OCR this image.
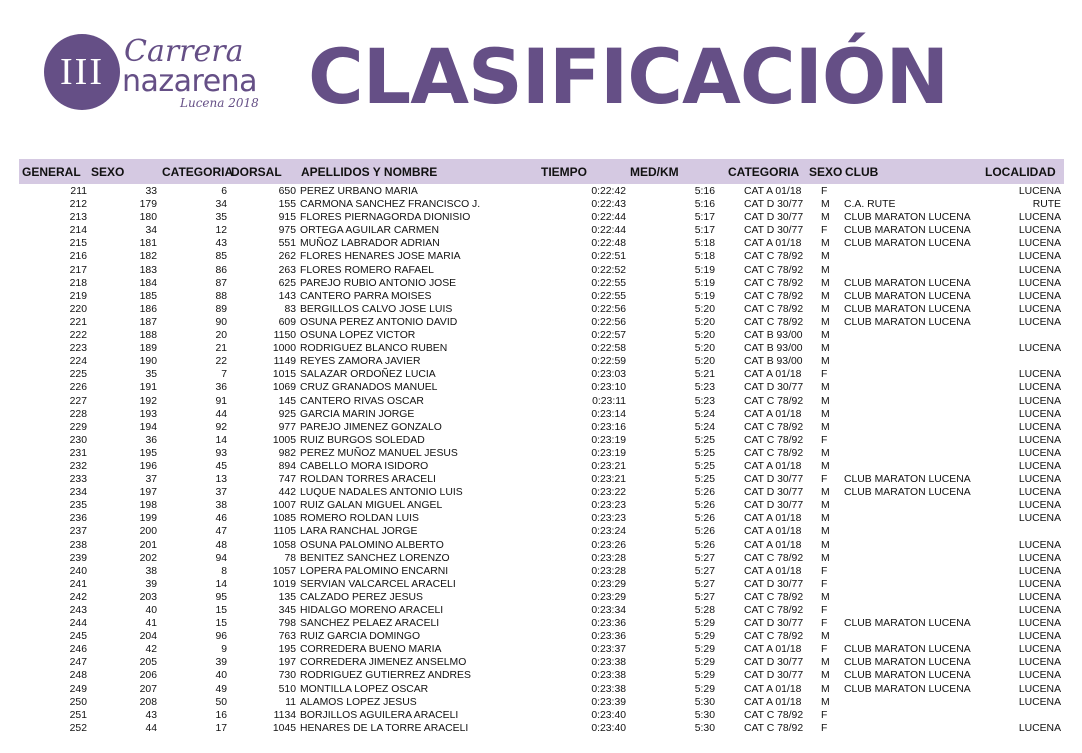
III Carrera
nazarena
Lucena 2018 CLASIFICACIÓN
GENERAL SEXO	CATEGORIA
DORSAL APELLIDOS Y NOMBRE	TIEMPO	MED/KM	CATEGORIA SEXO CLUB	LOCALIDAD
211	33	6	650 PEREZ URBANO MARIA	0:22:42	5:16	CAT A 01/18 F	LUCENA
212	179	34	155 CARMONA SANCHEZ FRANCISCO J.	0:22:43	5:16	CAT D 30/77 M C.A. RUTE	RUTE
213	180	35	915 FLORES PIERNAGORDA DIONISIO	0:22:44	5:17	CAT D 30/77 M CLUB MARATON LUCENA	LUCENA
214	34	12	975 ORTEGA AGUILAR CARMEN	0:22:44	5:17	CAT D 30/77 F CLUB MARATON LUCENA	LUCENA
215	181	43	551 MUÑOZ LABRADOR ADRIAN	0:22:48	5:18	CAT A 01/18 M CLUB MARATON LUCENA	LUCENA
216	182	85	262 FLORES HENARES JOSE MARIA	0:22:51	5:18	CAT C 78/92 M	LUCENA
217	183	86	263 FLORES ROMERO RAFAEL	0:22:52	5:19	CAT C 78/92 M	LUCENA
218	184	87	625 PAREJO RUBIO ANTONIO JOSE	0:22:55	5:19	CAT C 78/92 M CLUB MARATON LUCENA	LUCENA
219	185	88	143 CANTERO PARRA MOISES	0:22:55	5:19	CAT C 78/92 M CLUB MARATON LUCENA	LUCENA
220	186	89	83 BERGILLOS CALVO JOSE LUIS	0:22:56	5:20	CAT C 78/92 M CLUB MARATON LUCENA	LUCENA
221	187	90	609 OSUNA PEREZ ANTONIO DAVID	0:22:56	5:20	CAT C 78/92 M CLUB MARATON LUCENA	LUCENA
222	188	20	1150 OSUNA LOPEZ VICTOR	0:22:57	5:20	CAT B 93/00 M
223	189	21	1000 RODRIGUEZ BLANCO RUBEN	0:22:58	5:20	CAT B 93/00 M	LUCENA
224	190	22	1149 REYES ZAMORA JAVIER	0:22:59	5:20	CAT B 93/00 M
225	35	7	1015 SALAZAR ORDOÑEZ LUCIA	0:23:03	5:21	CAT A 01/18 F	LUCENA
226	191	36	1069 CRUZ GRANADOS MANUEL	0:23:10	5:23	CAT D 30/77 M	LUCENA
227	192	91	145 CANTERO RIVAS OSCAR	0:23:11	5:23	CAT C 78/92 M	LUCENA
228	193	44	925 GARCIA MARIN JORGE	0:23:14	5:24	CAT A 01/18 M	LUCENA
229	194	92	977 PAREJO JIMENEZ GONZALO	0:23:16	5:24	CAT C 78/92 M	LUCENA
230	36	14	1005 RUIZ BURGOS SOLEDAD	0:23:19	5:25	CAT C 78/92 F	LUCENA
231	195	93	982 PEREZ MUÑOZ MANUEL JESUS	0:23:19	5:25	CAT C 78/92 M	LUCENA
232	196	45	894 CABELLO MORA ISIDORO	0:23:21	5:25	CAT A 01/18 M	LUCENA
233	37	13	747 ROLDAN TORRES ARACELI	0:23:21	5:25	CAT D 30/77 F CLUB MARATON LUCENA	LUCENA
234	197	37	442 LUQUE NADALES ANTONIO LUIS	0:23:22	5:26	CAT D 30/77 M CLUB MARATON LUCENA	LUCENA
235	198	38	1007 RUIZ GALAN MIGUEL ANGEL	0:23:23	5:26	CAT D 30/77 M	LUCENA
236	199	46	1085 ROMERO ROLDAN LUIS	0:23:23	5:26	CAT A 01/18 M	LUCENA
237	200	47	1105 LARA RANCHAL JORGE	0:23:24	5:26	CAT A 01/18 M
238	201	48	1058 OSUNA PALOMINO ALBERTO	0:23:26	5:26	CAT A 01/18 M	LUCENA
239	202	94	78 BENITEZ SANCHEZ LORENZO	0:23:28	5:27	CAT C 78/92 M	LUCENA
240	38	8	1057 LOPERA PALOMINO ENCARNI	0:23:28	5:27	CAT A 01/18 F	LUCENA
241	39	14	1019 SERVIAN VALCARCEL ARACELI	0:23:29	5:27	CAT D 30/77 F	LUCENA
242	203	95	135 CALZADO PEREZ JESUS	0:23:29	5:27	CAT C 78/92 M	LUCENA
243	40	15	345 HIDALGO MORENO ARACELI	0:23:34	5:28	CAT C 78/92 F	LUCENA
244	41	15	798 SANCHEZ PELAEZ ARACELI	0:23:36	5:29	CAT D 30/77 F CLUB MARATON LUCENA	LUCENA
245	204	96	763 RUIZ GARCIA DOMINGO	0:23:36	5:29	CAT C 78/92 M	LUCENA
246	42	9	195 CORREDERA BUENO MARIA	0:23:37	5:29	CAT A 01/18 F CLUB MARATON LUCENA	LUCENA
247	205	39	197 CORREDERA JIMENEZ ANSELMO	0:23:38	5:29	CAT D 30/77 M CLUB MARATON LUCENA	LUCENA
248	206	40	730 RODRIGUEZ GUTIERREZ ANDRES	0:23:38	5:29	CAT D 30/77 M CLUB MARATON LUCENA	LUCENA
249	207	49	510 MONTILLA LOPEZ OSCAR	0:23:38	5:29	CAT A 01/18 M CLUB MARATON LUCENA	LUCENA
250	208	50	11 ALAMOS LOPEZ JESUS	0:23:39	5:30	CAT A 01/18 M	LUCENA
251	43	16	1134 BORJILLOS AGUILERA ARACELI	0:23:40	5:30	CAT C 78/92 F
252	44	17	1045 HENARES DE LA TORRE ARACELI	0:23:40	5:30	CAT C 78/92 F	LUCENA
